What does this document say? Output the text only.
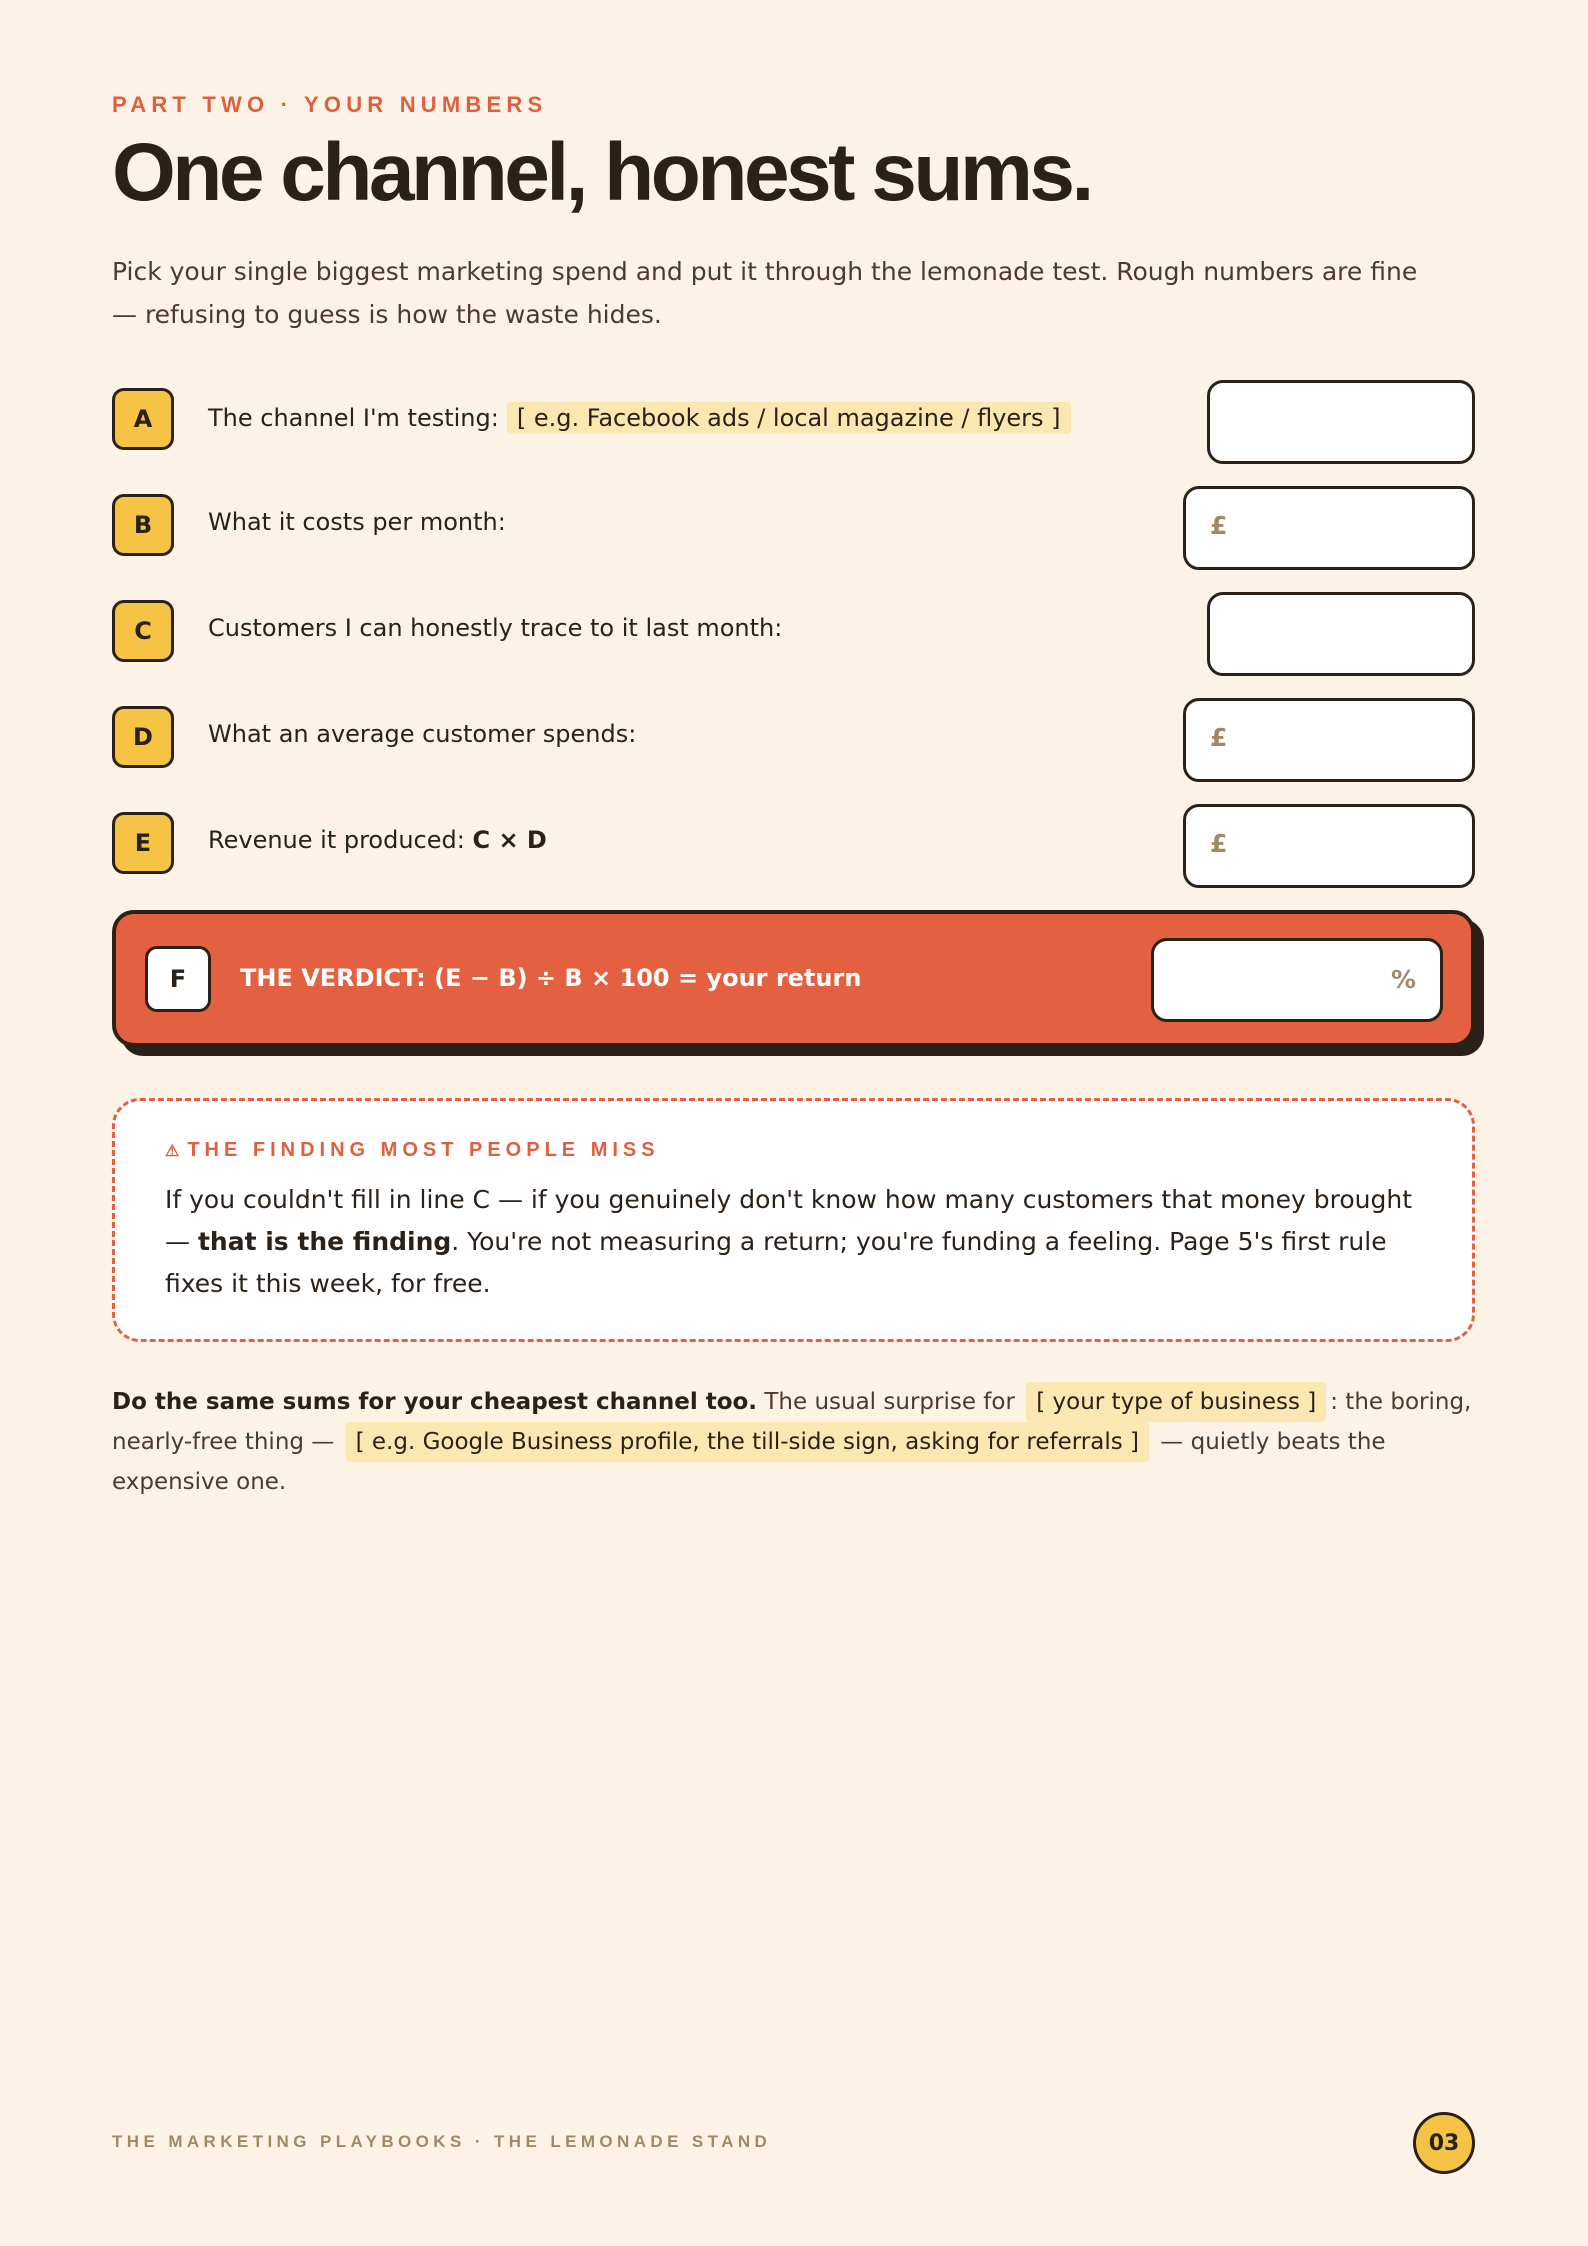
PART TWO · YOUR NUMBERS
One channel, honest sums.
Pick your single biggest marketing spend and put it through the lemonade test. Rough numbers are fine — refusing to guess is how the waste hides.
A	The channel I'm testing: [ e.g. Facebook ads / local magazine / flyers ]
B	What it costs per month:	£
C	Customers I can honestly trace to it last month:
D	What an average customer spends:	£
E	Revenue it produced: C × D	£
F	THE VERDICT: (E − B) ÷ B × 100 = your return	%
⚠ THE FINDING MOST PEOPLE MISS
If you couldn't fill in line C — if you genuinely don't know how many customers that money brought — that is the finding. You're not measuring a return; you're funding a feeling. Page 5's first rule fixes it this week, for free.
Do the same sums for your cheapest channel too. The usual surprise for [ your type of business ] : the boring, nearly-free thing — [ e.g. Google Business profile, the till-side sign, asking for referrals ] — quietly beats the expensive one.
THE MARKETING PLAYBOOKS · THE LEMONADE STAND	03
